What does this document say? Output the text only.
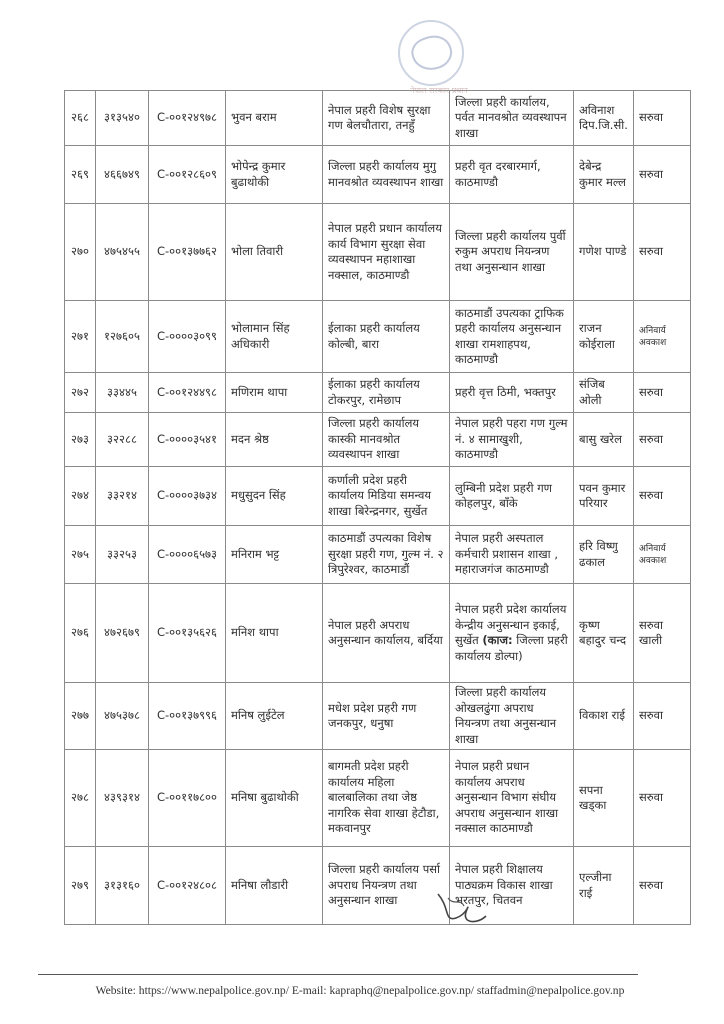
नेपाल सरकार प्रधान
२६८	३१३५४०	C-००१२४९७८	भुवन बराम	नेपाल प्रहरी विशेष सुरक्षा गण बेलचौतारा, तनहुँ	जिल्ला प्रहरी कार्यालय, पर्वत मानवश्रोत व्यवस्थापन शाखा	अविनाश दिप.जि.सी.	सरुवा
२६९	४६६७४९	C-००१२८६०९	भोपेन्द्र कुमार बुढाथोकी	जिल्ला प्रहरी कार्यालय मुगु मानवश्रोत व्यवस्थापन शाखा	प्रहरी वृत दरबारमार्ग, काठमाण्डौ	देबेन्द्र कुमार मल्ल	सरुवा
२७०	४७५४५५	C-००१३७७६२	भोला तिवारी	नेपाल प्रहरी प्रधान कार्यालय कार्य विभाग सुरक्षा सेवा व्यवस्थापन महाशाखा नक्साल, काठमाण्डौ	जिल्ला प्रहरी कार्यालय पुर्वी रुकुम अपराध नियन्त्रण तथा अनुसन्धान शाखा	गणेश पाण्डे	सरुवा
२७१	१२७६०५	C-००००३०९९	भोलामान सिंह अधिकारी	ईलाका प्रहरी कार्यालय कोल्बी, बारा	काठमाडौं उपत्यका ट्राफिक प्रहरी कार्यालय अनुसन्धान शाखा रामशाहपथ, काठमाण्डौ	राजन कोईराला	अनिवार्य अवकाश
२७२	३३४४५	C-००१२४४९८	मणिराम थापा	ईलाका प्रहरी कार्यालय टोकरपुर, रामेछाप	प्रहरी वृत्त ठिमी, भक्तपुर	संजिब ओली	सरुवा
२७३	३२२८८	C-००००३५४१	मदन श्रेष्ठ	जिल्ला प्रहरी कार्यालय कास्की मानवश्रोत व्यवस्थापन शाखा	नेपाल प्रहरी पहरा गण गुल्म नं. ४ सामाखुशी, काठमाण्डौ	बासु खरेल	सरुवा
२७४	३३२१४	C-००००३७३४	मधुसुदन सिंह	कर्णाली प्रदेश प्रहरी कार्यालय मिडिया समन्वय शाखा बिरेन्द्रनगर, सुर्खेत	लुम्बिनी प्रदेश प्रहरी गण कोहलपुर, बाँके	पवन कुमार परियार	सरुवा
२७५	३३२५३	C-००००६५७३	मनिराम भट्ट	काठमाडौं उपत्यका विशेष सुरक्षा प्रहरी गण, गुल्म नं. २ त्रिपुरेश्वर, काठमाडौं	नेपाल प्रहरी अस्पताल कर्मचारी प्रशासन शाखा , महाराजगंज काठमाण्डौ	हरि विष्णु ढकाल	अनिवार्य अवकाश
२७६	४७२६७९	C-००१३५६२६	मनिश थापा	नेपाल प्रहरी अपराध अनुसन्धान कार्यालय, बर्दिया	नेपाल प्रहरी प्रदेश कार्यालय केन्द्रीय अनुसन्धान इकाई, सुर्खेत (काज: जिल्ला प्रहरी कार्यालय डोल्पा)	कृष्ण बहादुर चन्द	सरुवा खाली
२७७	४७५३७८	C-००१३७९९६	मनिष लुईटेल	मधेश प्रदेश प्रहरी गण जनकपुर, धनुषा	जिल्ला प्रहरी कार्यालय ओखलढुंगा अपराध नियन्त्रण तथा अनुसन्धान शाखा	विकाश राई	सरुवा
२७८	४३९३१४	C-००११७८००	मनिषा बुढाथोकी	बागमती प्रदेश प्रहरी कार्यालय महिला बालबालिका तथा जेष्ठ नागरिक सेवा शाखा हेटौडा, मकवानपुर	नेपाल प्रहरी प्रधान कार्यालय अपराध अनुसन्धान विभाग संघीय अपराध अनुसन्धान शाखा नक्साल काठमाण्डौ	सपना खड्का	सरुवा
२७९	३१३१६०	C-००१२४८०८	मनिषा लौडारी	जिल्ला प्रहरी कार्यालय पर्सा अपराध नियन्त्रण तथा अनुसन्धान शाखा	नेपाल प्रहरी शिक्षालय पाठ्यक्रम विकास शाखा भरतपुर, चितवन	एल्जीना राई	सरुवा
Website: https://www.nepalpolice.gov.np/ E-mail: kapraphq@nepalpolice.gov.np/ staffadmin@nepalpolice.gov.np
